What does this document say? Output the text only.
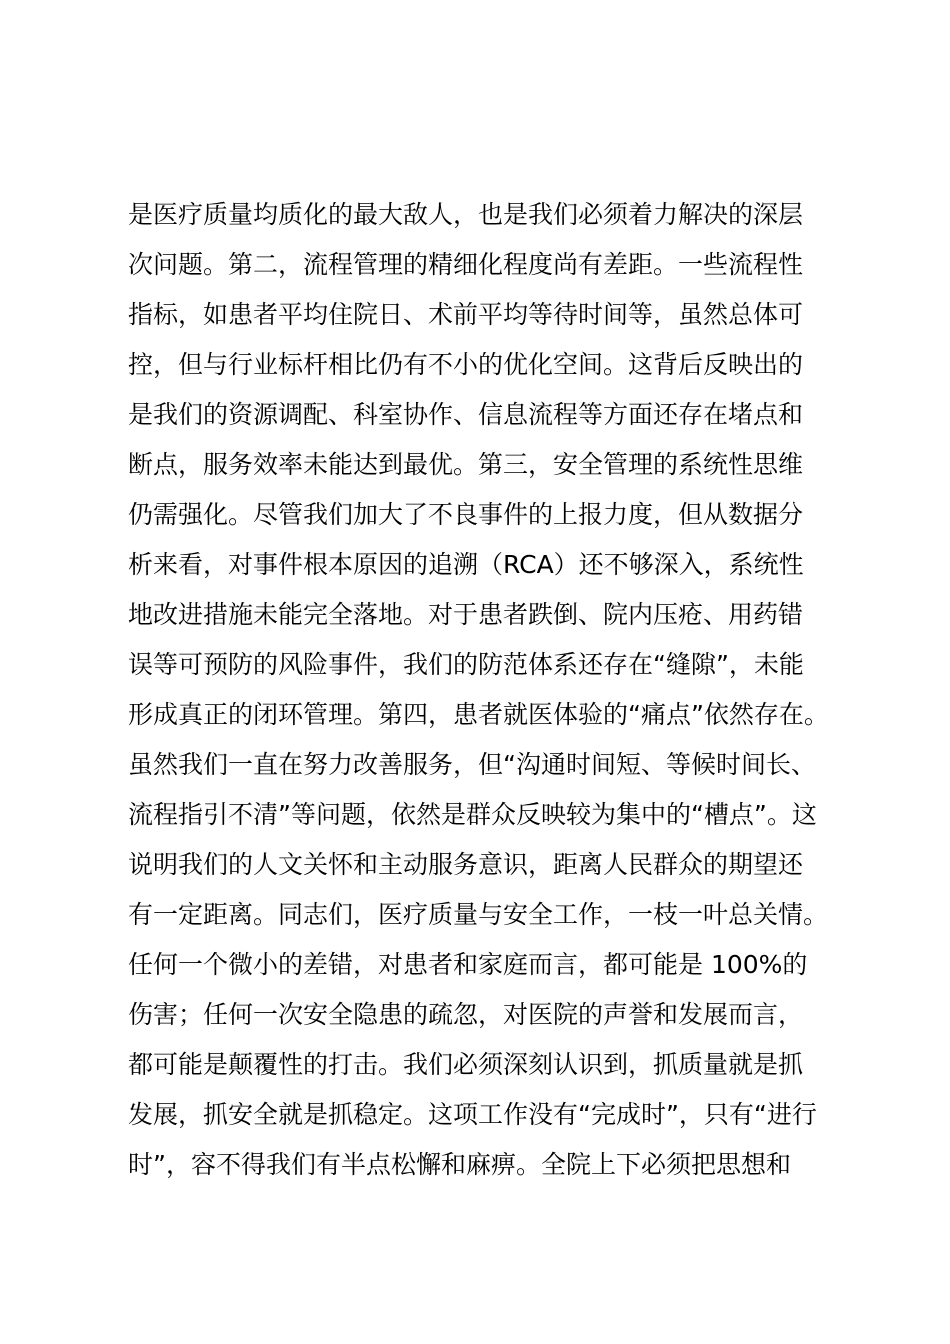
是医疗质量均质化的最大敌人，也是我们必须着力解决的深层
次问题。第二，流程管理的精细化程度尚有差距。一些流程性
指标，如患者平均住院日、术前平均等待时间等，虽然总体可
控，但与行业标杆相比仍有不小的优化空间。这背后反映出的
是我们的资源调配、科室协作、信息流程等方面还存在堵点和
断点，服务效率未能达到最优。第三，安全管理的系统性思维
仍需强化。尽管我们加大了不良事件的上报力度，但从数据分
析来看，对事件根本原因的追溯（RCA）还不够深入，系统性
地改进措施未能完全落地。对于患者跌倒、院内压疮、用药错
误等可预防的风险事件，我们的防范体系还存在“缝隙”，未能
形成真正的闭环管理。第四，患者就医体验的“痛点”依然存在。
虽然我们一直在努力改善服务，但“沟通时间短、等候时间长、
流程指引不清”等问题，依然是群众反映较为集中的“槽点”。这
说明我们的人文关怀和主动服务意识，距离人民群众的期望还
有一定距离。同志们，医疗质量与安全工作，一枝一叶总关情。
任何一个微小的差错，对患者和家庭而言，都可能是 100%的
伤害；任何一次安全隐患的疏忽，对医院的声誉和发展而言，
都可能是颠覆性的打击。我们必须深刻认识到，抓质量就是抓
发展，抓安全就是抓稳定。这项工作没有“完成时”，只有“进行
时”，容不得我们有半点松懈和麻痹。全院上下必须把思想和
